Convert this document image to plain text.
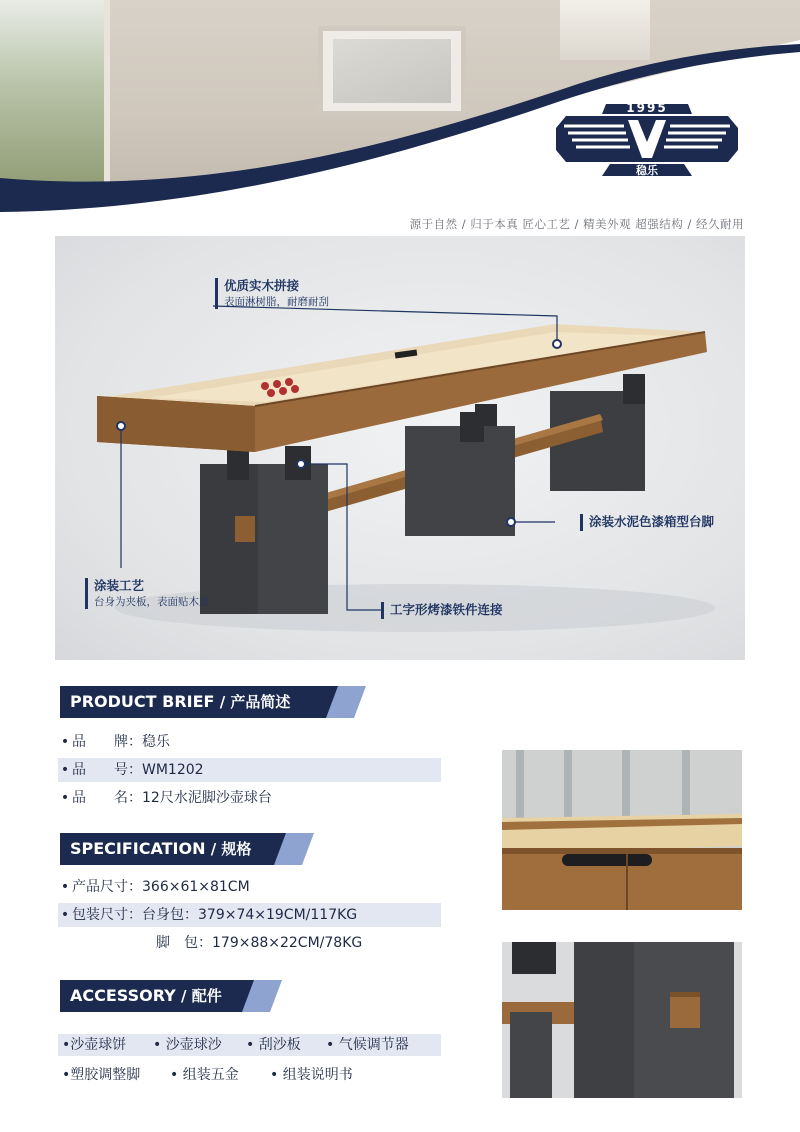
1995
稳乐
源于自然 / 归于本真 匠心工艺 / 精美外观 超强结构 / 经久耐用
优质实木拼接
表面淋树脂，耐磨耐刮
涂装水泥色漆箱型台脚
工字形烤漆铁件连接
涂装工艺
台身为夹板，表面贴木皮
PRODUCT BRIEF / 产品简述
• 品　　牌：稳乐
• 品　　号：WM1202
• 品　　名：12尺水泥脚沙壶球台
SPECIFICATION / 规格
• 产品尺寸：366×61×81CM
• 包装尺寸：台身包：379×74×19CM/117KG
脚　包：179×88×22CM/78KG
ACCESSORY / 配件
•沙壶球饼 • 沙壶球沙 • 刮沙板 • 气候调节器
•塑胶调整脚 • 组装五金 • 组装说明书
